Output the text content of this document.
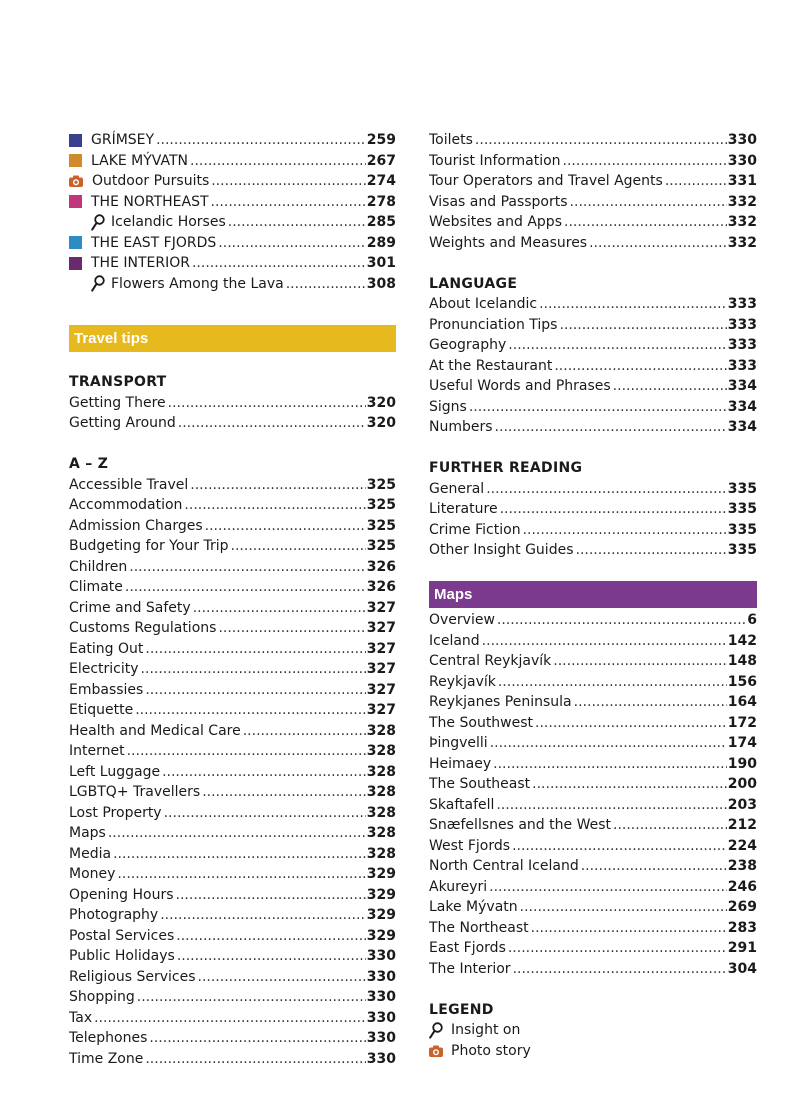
GRÍMSEY .....	259
LAKE MÝVATN .....	267
Outdoor Pursuits .....	274
THE NORTHEAST .....	278
Icelandic Horses .....	285
THE EAST FJORDS .....	289
THE INTERIOR .....	301
Flowers Among the Lava .....	308
Travel tips
TRANSPORT
Getting There .....	320
Getting Around .....	320
A – Z
Accessible Travel .....	325
Accommodation .....	325
Admission Charges .....	325
Budgeting for Your Trip .....	325
Children .....	326
Climate .....	326
Crime and Safety .....	327
Customs Regulations .....	327
Eating Out .....	327
Electricity .....	327
Embassies .....	327
Etiquette .....	327
Health and Medical Care .....	328
Internet .....	328
Left Luggage .....	328
LGBTQ+ Travellers .....	328
Lost Property .....	328
Maps .....	328
Media .....	328
Money .....	329
Opening Hours .....	329
Photography .....	329
Postal Services .....	329
Public Holidays .....	330
Religious Services .....	330
Shopping .....	330
Tax .....	330
Telephones .....	330
Time Zone .....	330
Toilets .....	330
Tourist Information .....	330
Tour Operators and Travel Agents .....	331
Visas and Passports .....	332
Websites and Apps .....	332
Weights and Measures .....	332
LANGUAGE
About Icelandic .....	333
Pronunciation Tips .....	333
Geography .....	333
At the Restaurant .....	333
Useful Words and Phrases .....	334
Signs .....	334
Numbers .....	334
FURTHER READING
General .....	335
Literature .....	335
Crime Fiction .....	335
Other Insight Guides .....	335
Maps
Overview .....	6
Iceland .....	142
Central Reykjavík .....	148
Reykjavík .....	156
Reykjanes Peninsula .....	164
The Southwest .....	172
Þingvelli .....	174
Heimaey .....	190
The Southeast .....	200
Skaftafell .....	203
Snæfellsnes and the West .....	212
West Fjords .....	224
North Central Iceland .....	238
Akureyri .....	246
Lake Mývatn .....	269
The Northeast .....	283
East Fjords .....	291
The Interior .....	304
LEGEND
Insight on
Photo story
